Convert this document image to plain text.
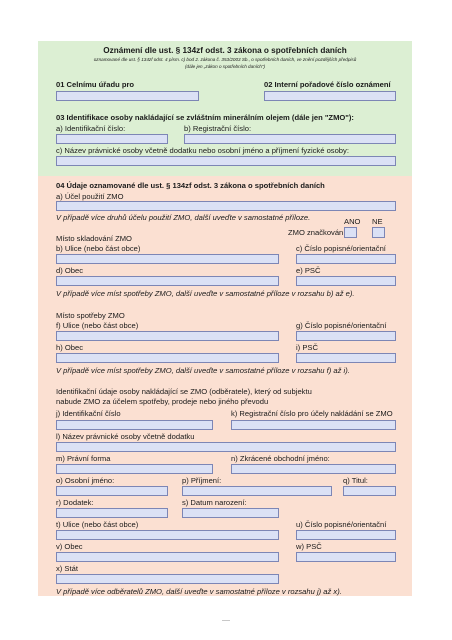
Oznámení dle ust. § 134zf odst. 3 zákona o spotřebních daních
oznamované dle ust. § 134zf odst. 4 písm. c) bod 2. zákona č. 353/2003 Sb., o spotřebních daních, ve znění pozdějších předpisů
(dále jen „zákon o spotřebních daních")
01 Celnímu úřadu pro	02 Interní pořadové číslo oznámení
03 Identifikace osoby nakládající se zvláštním minerálním olejem (dále jen "ZMO"):
a) Identifikační číslo:	b) Registrační číslo:
c) Název právnické osoby včetně dodatku nebo osobní jméno a příjmení fyzické osoby:
04 Údaje oznamované dle ust. § 134zf odst. 3 zákona o spotřebních daních
a) Účel použití ZMO
V případě více druhů účelu použití ZMO, další uveďte v samostatné příloze.	ANO NE
ZMO značkován
Místo skladování ZMO
b) Ulice (nebo část obce)	c) Číslo popisné/orientační
d) Obec	e) PSČ
V případě více míst spotřeby ZMO, další uveďte v samostatné příloze v rozsahu b) až e).
Místo spotřeby ZMO
f) Ulice (nebo část obce)	g) Číslo popisné/orientační
h) Obec	i) PSČ
V případě více míst spotřeby ZMO, další uveďte v samostatné příloze v rozsahu f) až i).
Identifikační údaje osoby nakládající se ZMO (odběratele), který od subjektu
nabude ZMO za účelem spotřeby, prodeje nebo jiného převodu
j) Identifikační číslo	k) Registrační číslo pro účely nakládání se ZMO
l) Název právnické osoby včetně dodatku
m) Právní forma	n) Zkrácené obchodní jméno:
o) Osobní jméno:	p) Příjmení:	q) Titul:
r) Dodatek:	s) Datum narození:
t) Ulice (nebo část obce)	u) Číslo popisné/orientační
v) Obec	w) PSČ
x) Stát
V případě více odběratelů ZMO, další uveďte v samostatné příloze v rozsahu j) až x).
